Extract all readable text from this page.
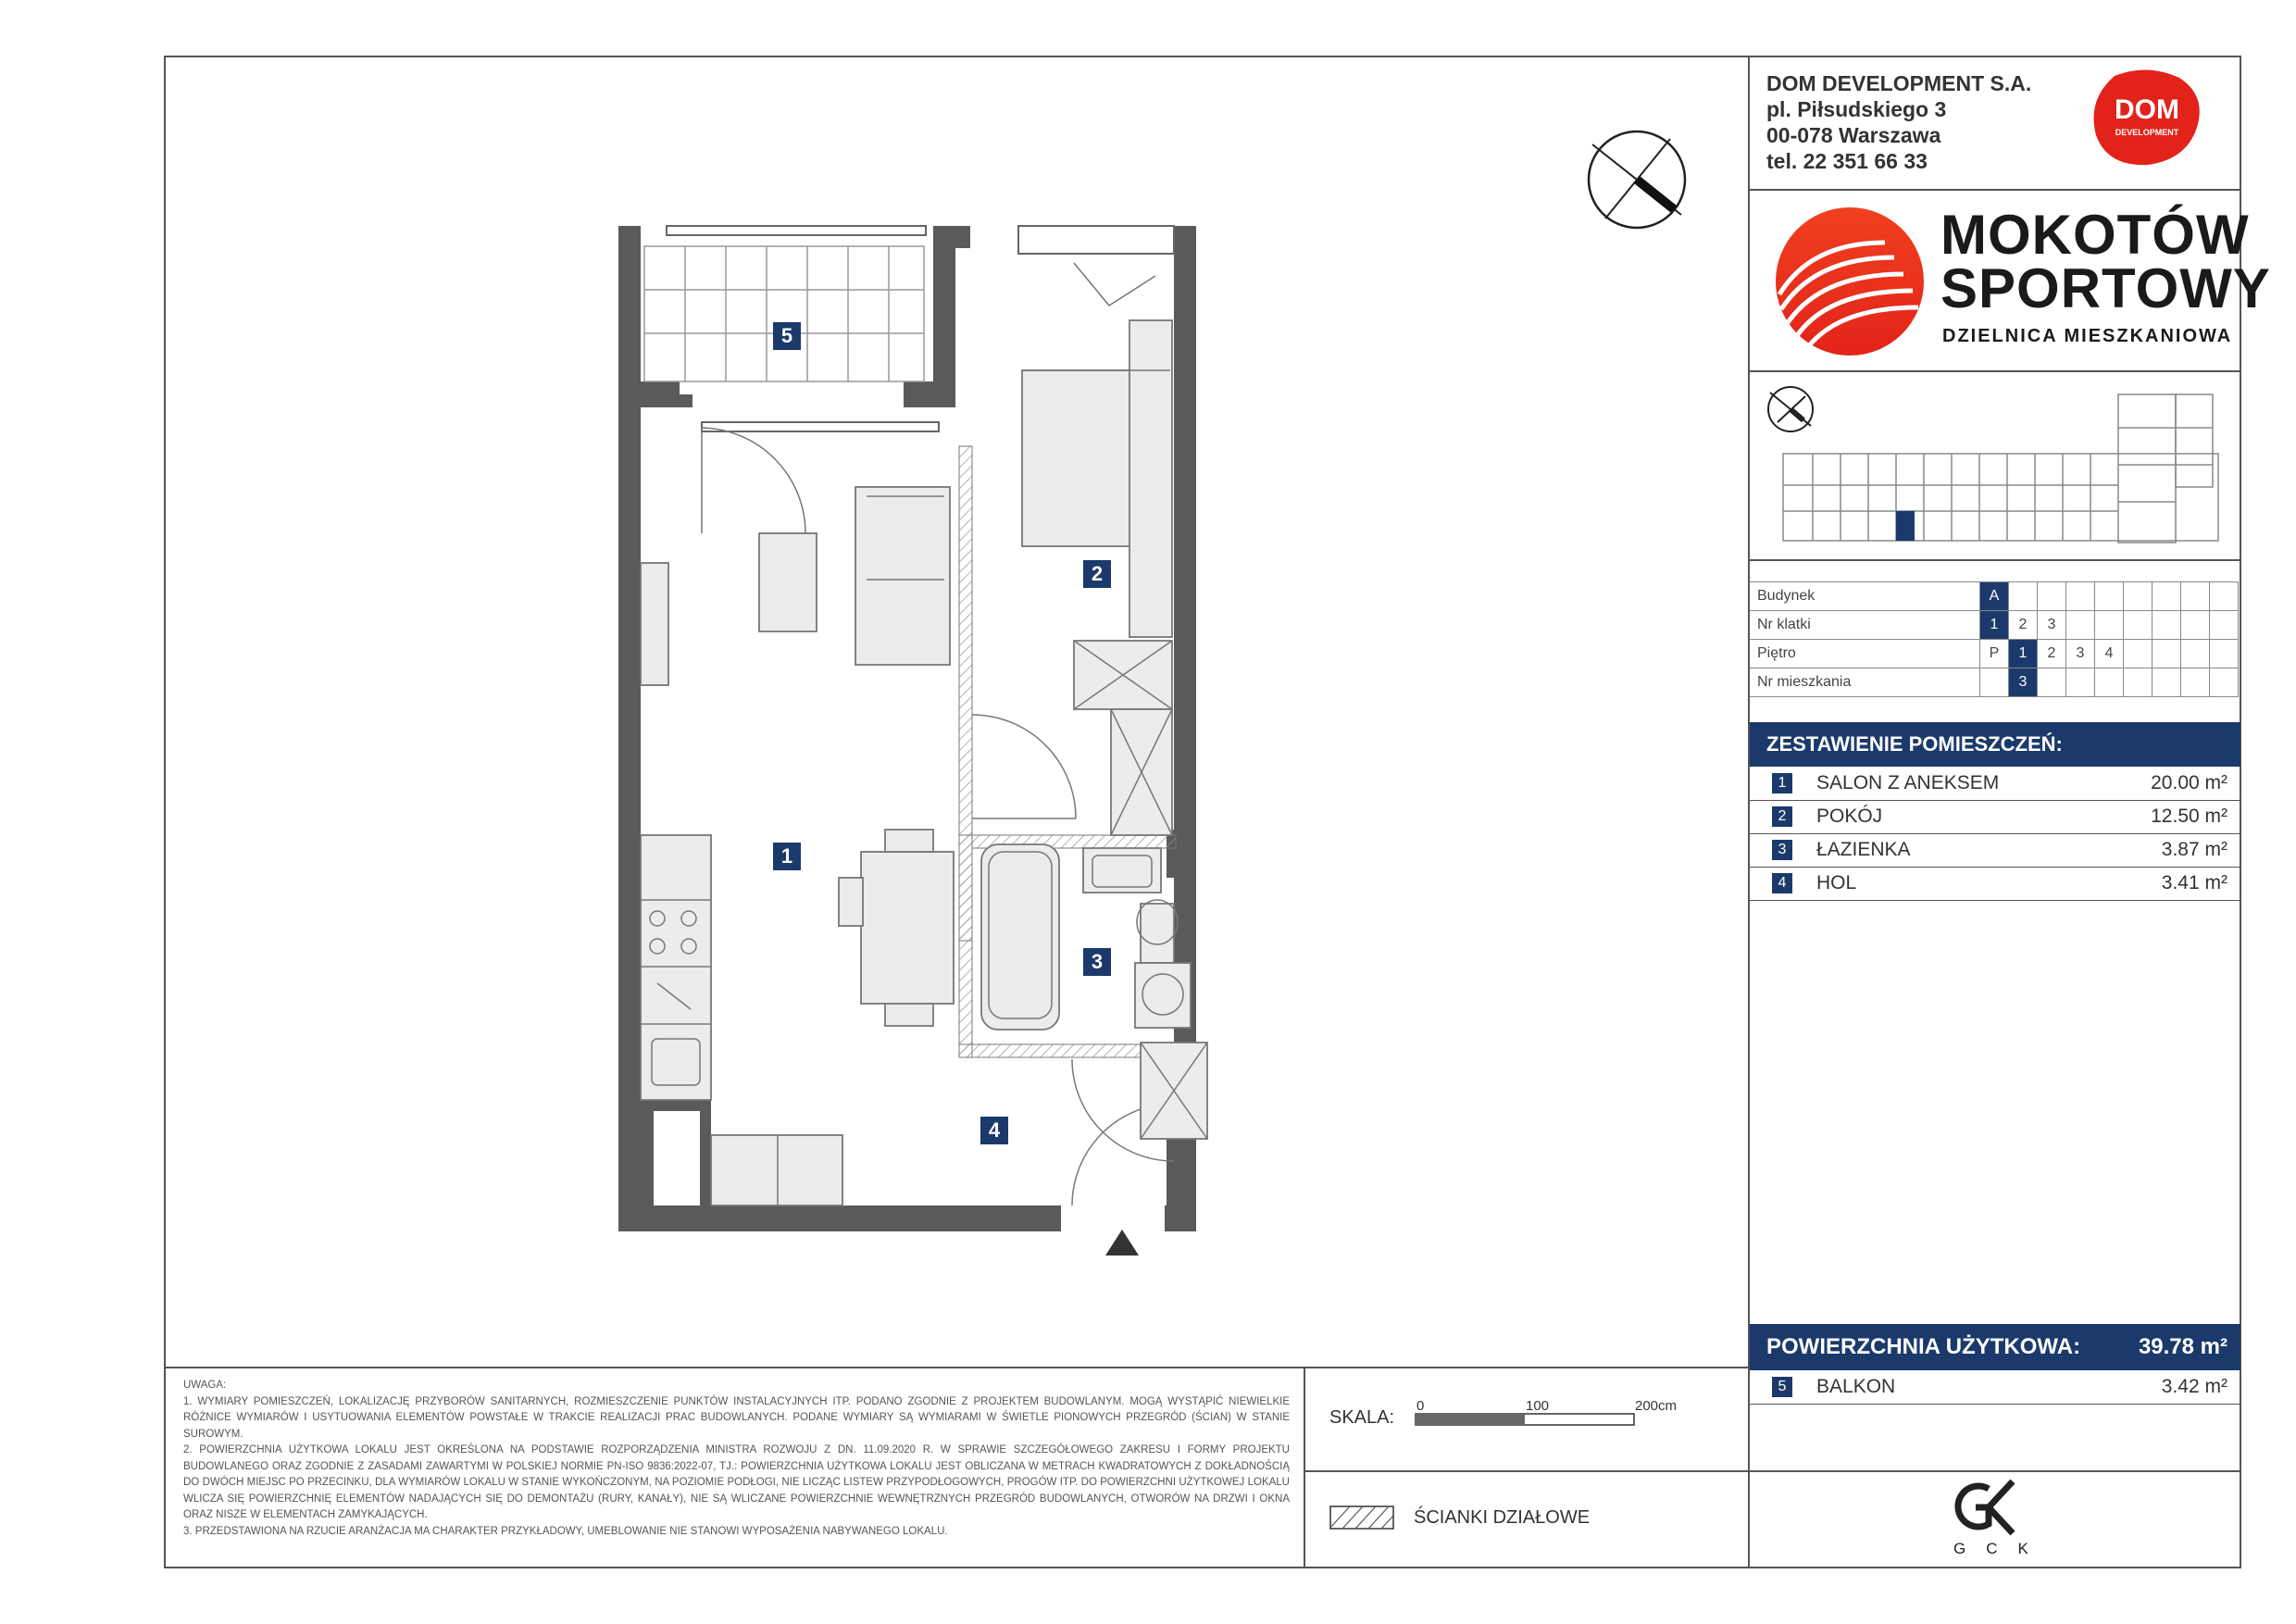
DOM DEVELOPMENT S.A.
pl. Piłsudskiego 3
00-078 Warszawa
tel. 22 351 66 33
DOM
DEVELOPMENT
MOKOTÓW
SPORTOWY
DZIELNICA MIESZKANIOWA
Budynek	A								
Nr klatki	1	2	3						
Piętro	P	1	2	3	4				
Nr mieszkania		3							
ZESTAWIENIE POMIESZCZEŃ:
1	SALON Z ANEKSEM	20.00 m²
2	POKÓJ	12.50 m²
3	ŁAZIENKA	3.87 m²
4	HOL	3.41 m²
POWIERZCHNIA UŻYTKOWA:	39.78 m²
5	BALKON	3.42 m²
GCK
UWAGA:
1. WYMIARY POMIESZCZEŃ, LOKALIZACJĘ PRZYBORÓW SANITARNYCH, ROZMIESZCZENIE PUNKTÓW INSTALACYJNYCH ITP. PODANO ZGODNIE Z PROJEKTEM BUDOWLANYM. MOGĄ WYSTĄPIĆ NIEWIELKIE RÓŻNICE WYMIARÓW I USYTUOWANIA ELEMENTÓW POWSTAŁE W TRAKCIE REALIZACJI PRAC BUDOWLANYCH. PODANE WYMIARY SĄ WYMIARAMI W ŚWIETLE PIONOWYCH PRZEGRÓD (ŚCIAN) W STANIE SUROWYM.
2. POWIERZCHNIA UŻYTKOWA LOKALU JEST OKREŚLONA NA PODSTAWIE ROZPORZĄDZENIA MINISTRA ROZWOJU Z DN. 11.09.2020 R. W SPRAWIE SZCZEGÓŁOWEGO ZAKRESU I FORMY PROJEKTU BUDOWLANEGO ORAZ ZGODNIE Z ZASADAMI ZAWARTYMI W POLSKIEJ NORMIE PN-ISO 9836:2022-07, TJ.: POWIERZCHNIA UŻYTKOWA LOKALU JEST OBLICZANA W METRACH KWADRATOWYCH Z DOKŁADNOŚCIĄ DO DWÓCH MIEJSC PO PRZECINKU, DLA WYMIARÓW LOKALU W STANIE WYKOŃCZONYM, NA POZIOMIE PODŁOGI, NIE LICZĄC LISTEW PRZYPODŁOGOWYCH, PROGÓW ITP. DO POWIERZCHNI UŻYTKOWEJ LOKALU WLICZA SIĘ POWIERZCHNIĘ ELEMENTÓW NADAJĄCYCH SIĘ DO DEMONTAŻU (RURY, KANAŁY), NIE SĄ WLICZANE POWIERZCHNIE WEWNĘTRZNYCH PRZEGRÓD BUDOWLANYCH, OTWORÓW NA DRZWI I OKNA ORAZ NISZE W ELEMENTACH ZAMYKAJĄCYCH.
3. PRZEDSTAWIONA NA RZUCIE ARANŻACJA MA CHARAKTER PRZYKŁADOWY, UMEBLOWANIE NIE STANOWI WYPOSAŻENIA NABYWANEGO LOKALU.
SKALA:
0	100	200cm
ŚCIANKI DZIAŁOWE
5
2
1
3
4
